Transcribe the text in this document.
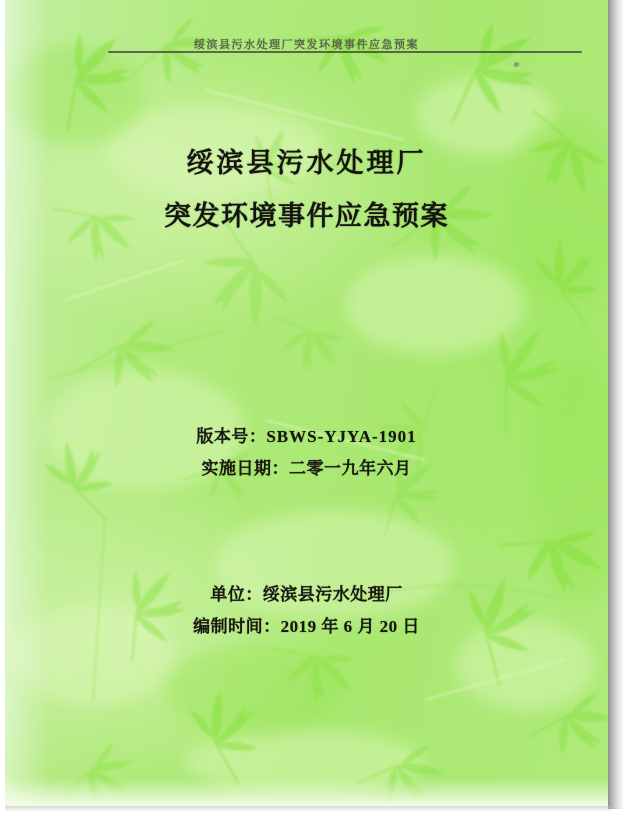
绥滨县污水处理厂突发环境事件应急预案
绥滨县污水处理厂
突发环境事件应急预案
版本号：SBWS-YJYA-1901
实施日期：二零一九年六月
单位：绥滨县污水处理厂
编制时间：2019 年 6 月 20 日
